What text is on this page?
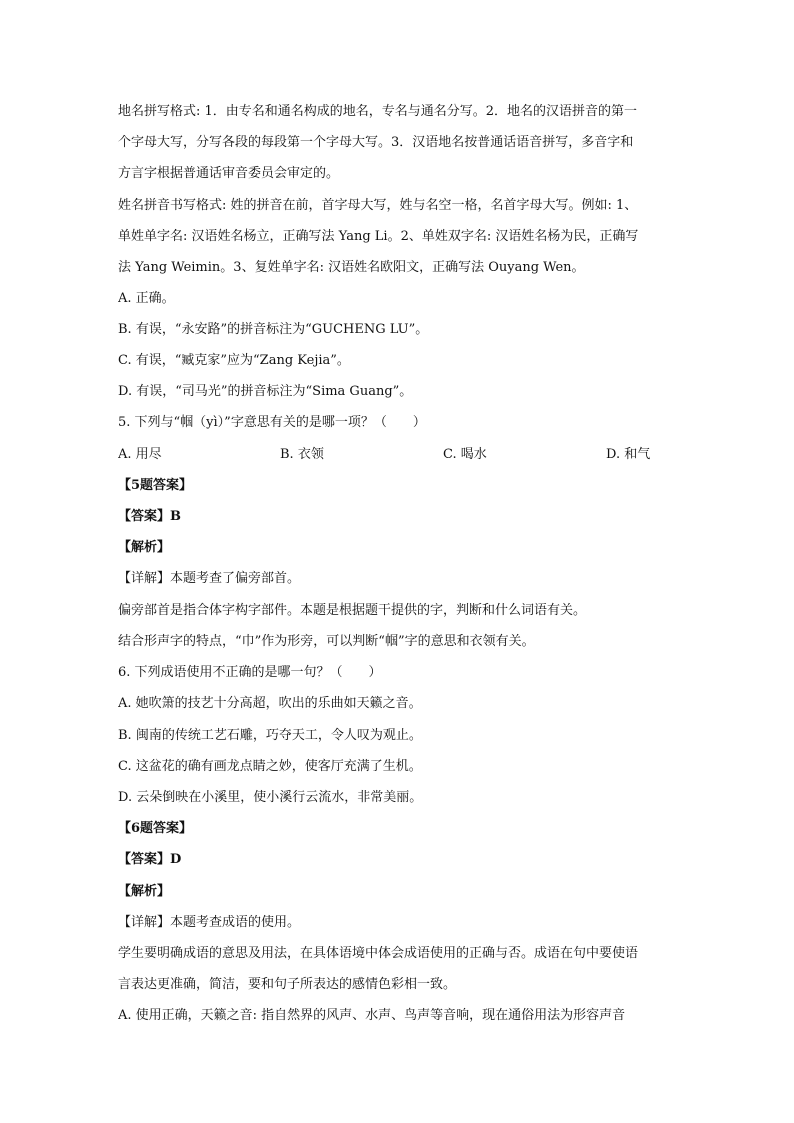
地名拼写格式: 1．由专名和通名构成的地名，专名与通名分写。2．地名的汉语拼音的第一
个字母大写，分写各段的每段第一个字母大写。3．汉语地名按普通话语音拼写，多音字和
方言字根据普通话审音委员会审定的。
姓名拼音书写格式: 姓的拼音在前，首字母大写，姓与名空一格，名首字母大写。例如: 1、
单姓单字名: 汉语姓名杨立，正确写法 Yang Li。2、单姓双字名: 汉语姓名杨为民，正确写
法 Yang Weimin。3、复姓单字名: 汉语姓名欧阳文，正确写法 Ouyang Wen。
A. 正确。
B. 有误，“永安路”的拼音标注为“GUCHENG LU”。
C. 有误，“臧克家”应为“Zang Kejia”。
D. 有误，“司马光”的拼音标注为“Sima Guang”。
5. 下列与“帼（yì）”字意思有关的是哪一项？（　　）
A. 用尽	B. 衣领	C. 喝水	D. 和气
【5题答案】
【答案】B
【解析】
【详解】本题考查了偏旁部首。
偏旁部首是指合体字构字部件。本题是根据题干提供的字，判断和什么词语有关。
结合形声字的特点，“巾”作为形旁，可以判断“帼”字的意思和衣领有关。
6. 下列成语使用不正确的是哪一句？（　　）
A. 她吹箫的技艺十分高超，吹出的乐曲如天籁之音。
B. 闽南的传统工艺石雕，巧夺天工，令人叹为观止。
C. 这盆花的确有画龙点睛之妙，使客厅充满了生机。
D. 云朵倒映在小溪里，使小溪行云流水，非常美丽。
【6题答案】
【答案】D
【解析】
【详解】本题考查成语的使用。
学生要明确成语的意思及用法，在具体语境中体会成语使用的正确与否。成语在句中要使语
言表达更准确，简洁，要和句子所表达的感情色彩相一致。
A. 使用正确，天籁之音: 指自然界的风声、水声、鸟声等音响，现在通俗用法为形容声音
